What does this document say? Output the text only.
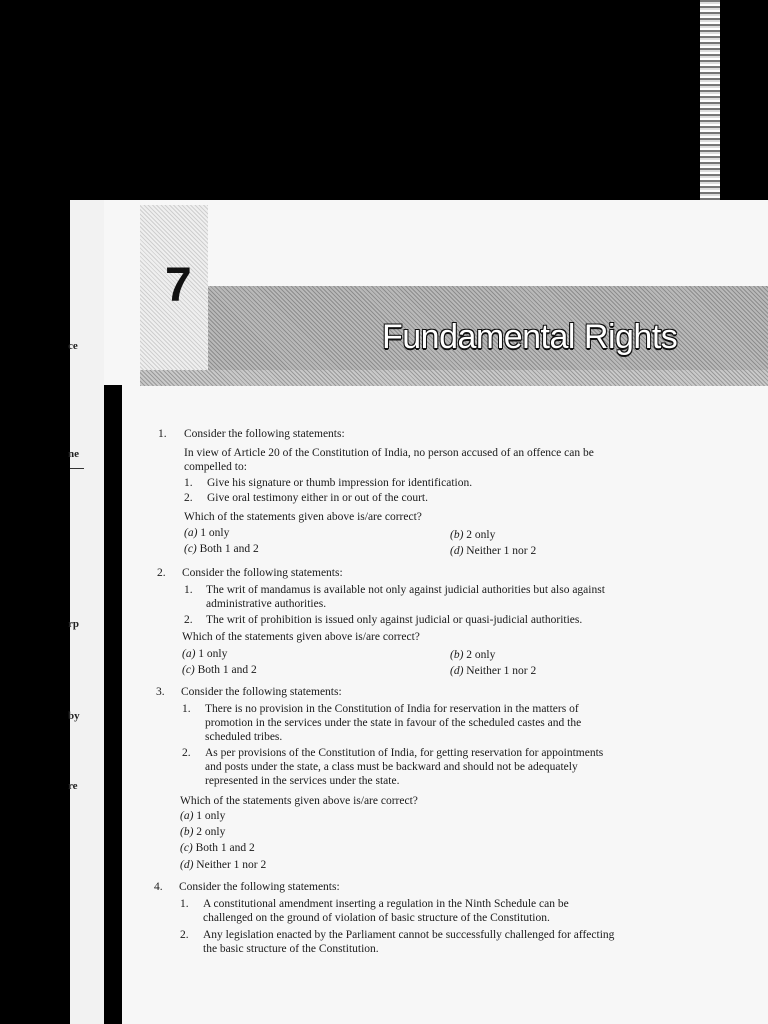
ce
ne
rp
by
re
7
Fundamental Rights
1. Consider the following statements:
In view of Article 20 of the Constitution of India, no person accused of an offence can be
compelled to:
1. Give his signature or thumb impression for identification.
2. Give oral testimony either in or out of the court.
Which of the statements given above is/are correct?
(a) 1 only	(b) 2 only
(c) Both 1 and 2	(d) Neither 1 nor 2
2. Consider the following statements:
1. The writ of mandamus is available not only against judicial authorities but also against
administrative authorities.
2. The writ of prohibition is issued only against judicial or quasi-judicial authorities.
Which of the statements given above is/are correct?
(a) 1 only	(b) 2 only
(c) Both 1 and 2	(d) Neither 1 nor 2
3. Consider the following statements:
1. There is no provision in the Constitution of India for reservation in the matters of
promotion in the services under the state in favour of the scheduled castes and the
scheduled tribes.
2. As per provisions of the Constitution of India, for getting reservation for appointments
and posts under the state, a class must be backward and should not be adequately
represented in the services under the state.
Which of the statements given above is/are correct?
(a) 1 only
(b) 2 only
(c) Both 1 and 2
(d) Neither 1 nor 2
4. Consider the following statements:
1. A constitutional amendment inserting a regulation in the Ninth Schedule can be
challenged on the ground of violation of basic structure of the Constitution.
2. Any legislation enacted by the Parliament cannot be successfully challenged for affecting
the basic structure of the Constitution.
